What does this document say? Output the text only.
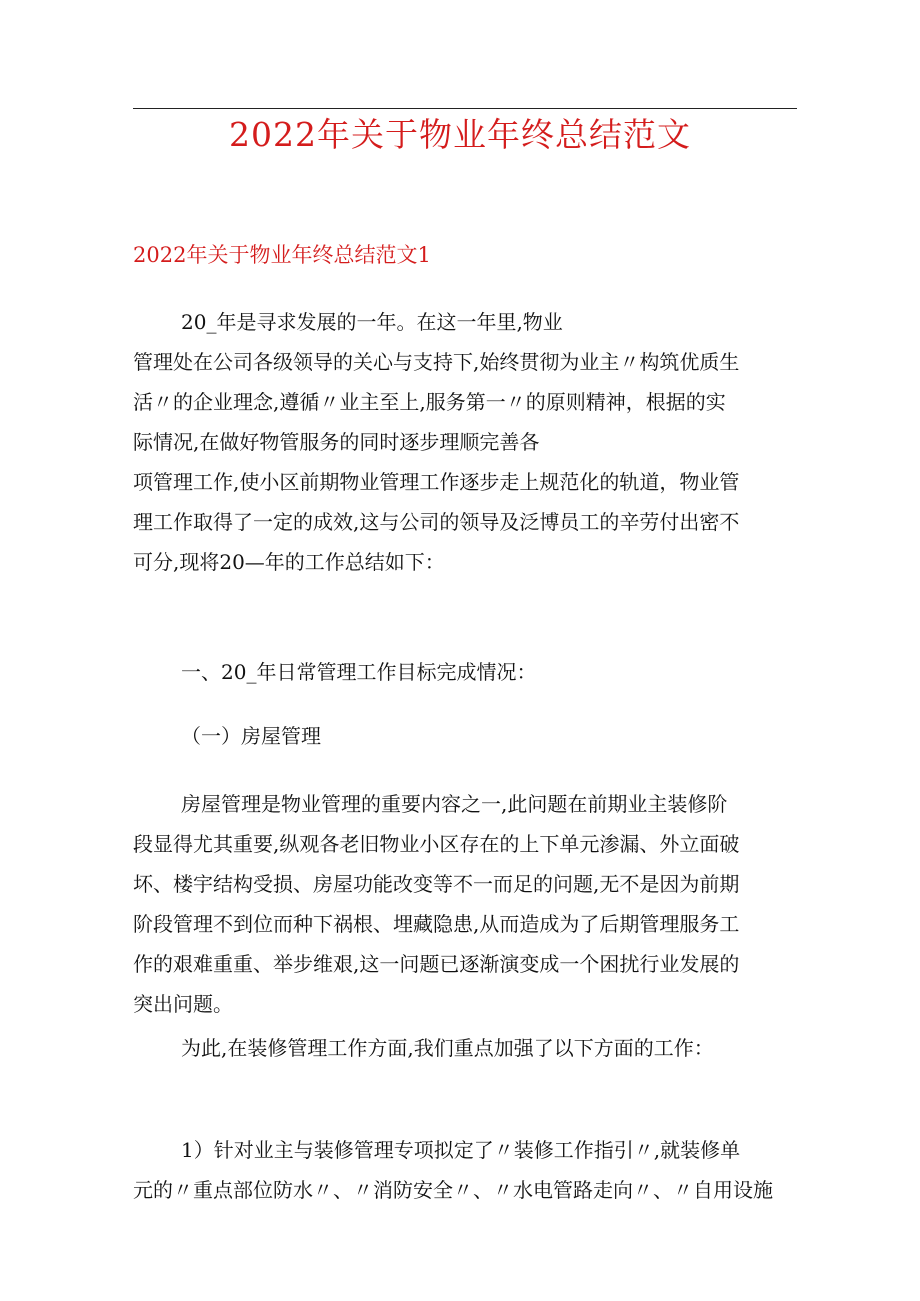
2022年关于物业年终总结范文
2022年关于物业年终总结范文1
20_年是寻求发展的一年。在这一年里,物业
管理处在公司各级领导的关心与支持下,始终贯彻为业主〃构筑优质生
活〃的企业理念,遵循〃业主至上,服务第一〃的原则精神，根据的实
际情况,在做好物管服务的同时逐步理顺完善各
项管理工作,使小区前期物业管理工作逐步走上规范化的轨道，物业管
理工作取得了一定的成效,这与公司的领导及泛博员工的辛劳付出密不
可分,现将20—年的工作总结如下：
一、20_年日常管理工作目标完成情况：
（一）房屋管理
房屋管理是物业管理的重要内容之一,此问题在前期业主装修阶
段显得尤其重要,纵观各老旧物业小区存在的上下单元渗漏、外立面破
坏、楼宇结构受损、房屋功能改变等不一而足的问题,无不是因为前期
阶段管理不到位而种下祸根、埋藏隐患,从而造成为了后期管理服务工
作的艰难重重、举步维艰,这一问题已逐渐演变成一个困扰行业发展的
突出问题。
为此,在装修管理工作方面,我们重点加强了以下方面的工作：
1）针对业主与装修管理专项拟定了〃装修工作指引〃,就装修单
元的〃重点部位防水〃、〃消防安全〃、〃水电管路走向〃、〃自用设施
